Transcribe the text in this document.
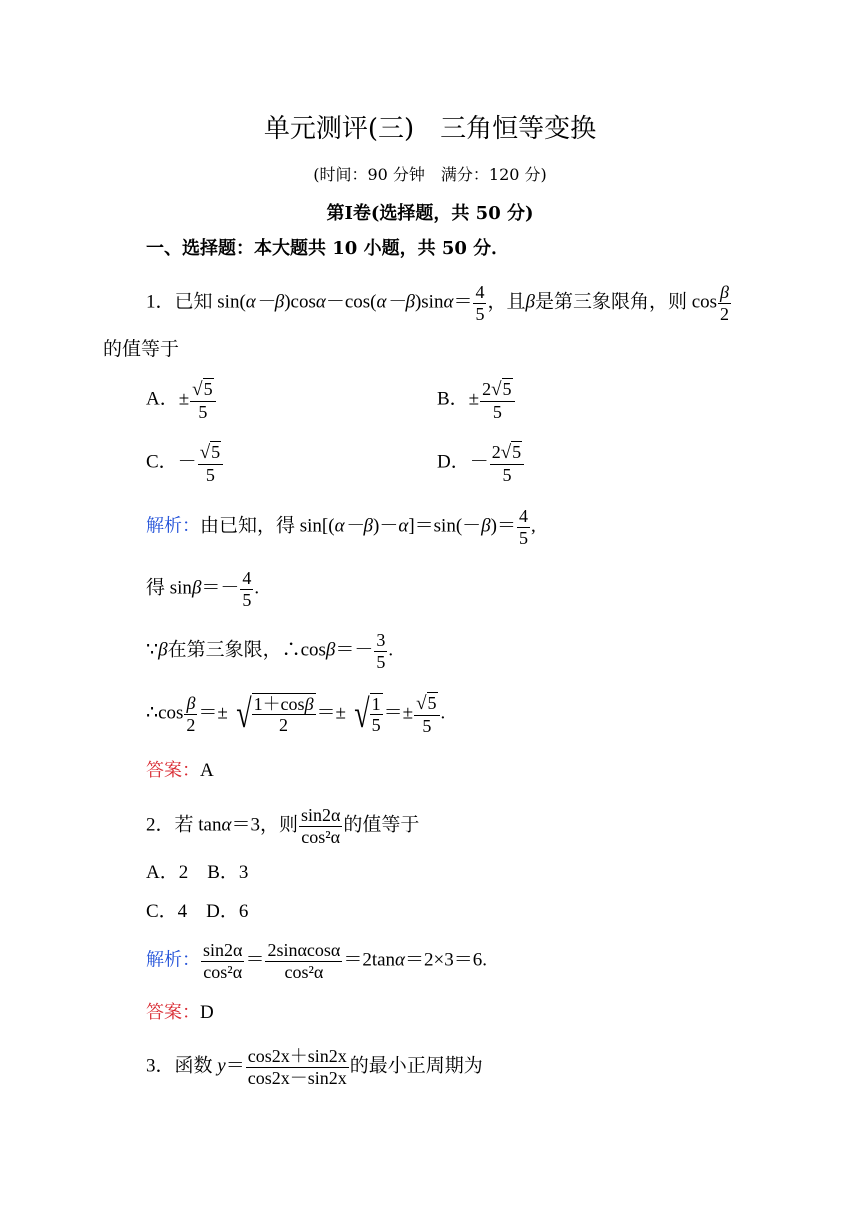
单元测评(三)　三角恒等变换
(时间：90 分钟　满分：120 分)
第Ⅰ卷(选择题，共 50 分)
一、选择题：本大题共 10 小题，共 50 分．
1．已知 $\sin(\alpha-\beta)\cos\alpha-\cos(\alpha-\beta)\sin\alpha= \frac{4}{5}$ ，且β是第三象限角，则 $\cos \frac{\beta}{2}$
的值等于
A．± $\frac{√5}{5}$	B．± $\frac{2√5}{5}$
C．－ $\frac{√5}{5}$	D．－ $\frac{2√5}{5}$
解析：由已知，得 $\sin[(\alpha-\beta)-\alpha]=\sin(-\beta)= \frac{4}{5}$ ,
得 $\sin\beta=- \frac{4}{5}$ .
∵β在第三象限，∴cosβ＝－ $\frac{3}{5}$ .
∴cos $\frac{\beta}{2}$ ＝± √ $\frac{1+\cos\beta}{2}$ ＝± √ $\frac{1}{5} =\pm \frac{√5}{5}$ .
答案：A
2．若 tanα＝3，则 $\frac{\sin 2\alpha}{\text{cos²α}}$ 的值等于
A．2　B．3
C．4　D．6
解析： $\frac{\sin 2\alpha}{\text{cos²α}} = \frac{2\sin\alpha\cos\alpha}{\text{cos²α}} =2\tan\alpha=2\times 3=6$.
答案：D
3．函数 $y= \frac{\cos 2x+\sin 2x}{\cos 2x-\sin 2x}$ 的最小正周期为
